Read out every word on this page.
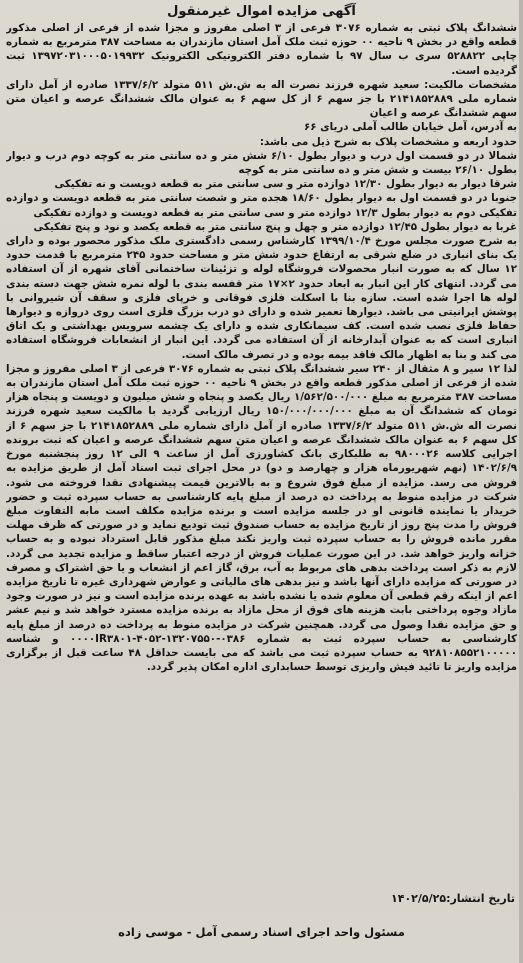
آگهی مزایده اموال غیرمنقول

ششدانگ پلاک ثبتی به شماره ۳۰۷۶ فرعی از ۳ اصلی مفروز و مجزا شده از فرعی از اصلی مذکور قطعه واقع در بخش ۹ ناحیه ۰۰ حوزه ثبت ملک آمل استان مازندران به مساحت ۳۸۷ مترمربع به شماره چاپی ۵۲۸۸۲۲ سری ب سال ۹۷ با شماره دفتر الکترونیکی الکترونیک ۱۳۹۷۲۰۳۱۰۰۰۵۰۱۹۹۳۲ ثبت گردیده است.

مشخصات مالکیت: سعید شهره فرزند نصرت اله به ش.ش ۵۱۱ متولد ۱۳۳۷/۶/۲ صادره از آمل دارای شماره ملی ۲۱۴۱۸۵۲۸۸۹ با جز سهم ۶ از کل سهم ۶ به عنوان مالک ششدانگ عرصه و اعیان متن سهم ششدانگ عرصه و اعیان

به آدرس، آمل خیابان طالب آملی دریای ۶۶

حدود اربعه و مشخصات پلاک به شرح ذیل می باشد:

شمالا در دو قسمت اول درب و دیوار بطول ۶/۱۰ شش متر و ده سانتی متر به کوچه دوم درب و دیوار بطول ۲۶/۱۰ بیست و شش متر و ده سانتی متر به کوچه

شرقا دیوار به دیوار بطول ۱۲/۳۰ دوازده متر و سی سانتی متر به قطعه دویست و نه تفکیکی

جنوبا در دو قسمت اول به دیوار بطول ۱۸/۶۰ هجده متر و شصت سانتی متر به قطعه دویست و دوازده تفکیکی دوم به دیوار بطول ۱۲/۳ دوازده متر و سی سانتی متر به قطعه دویست و دوازده تفکیکی

غربا به دیوار بطول ۱۲/۴۵ دوازده متر و چهل و پنج سانتی متر به قطعه یکصد و نود و پنج تفکیکی

به شرح صورت مجلس مورخ ۱۳۹۹/۱۰/۴ کارشناس رسمی دادگستری ملک مذکور محصور بوده و دارای یک بنای انباری در ضلع شرقی به ارتفاع حدود شش متر و مساحت حدود ۲۴۵ مترمربع با قدمت حدود ۱۲ سال که به صورت انبار محصولات فروشگاه لوله و تزئینات ساختمانی آقای شهره از آن استفاده می گردد. انتهای کار این انبار به ابعاد حدود ۲×۱۷ متر قفسه بندی با لوله نمره شش جهت دسته بندی لوله ها اجرا شده است. سازه بنا با اسکلت فلزی فوقانی و خرپای فلزی و سقف آن شیروانی با پوشش ایرانیتی می باشد. دیوارها تعمیر شده و دارای دو درب بزرگ فلزی است روی دروازه و دیوارها حفاظ فلزی نصب شده است. کف سیمانکاری شده و دارای یک چشمه سرویس بهداشتی و یک اتاق انباری است که به عنوان آبدارخانه از آن استفاده می گردد. این انبار از انشعابات فروشگاه استفاده می کند و بنا به اظهار مالک فاقد بیمه بوده و در تصرف مالک است.

لذا ۱۲ سیر و ۸ مثقال از ۲۴۰ سیر ششدانگ پلاک ثبتی به شماره ۳۰۷۶ فرعی از ۳ اصلی مفروز و مجزا شده از فرعی از اصلی مذکور قطعه واقع در بخش ۹ ناحیه ۰۰ حوزه ثبت ملک آمل استان مازندران به مساحت ۳۸۷ مترمربع به مبلغ ۱/۵۶۲/۵۰۰/۰۰۰ ریال یکصد و پنجاه و شش میلیون و دویست و پنجاه هزار تومان که ششدانگ آن به مبلغ ۱۵۰/۰۰۰/۰۰۰/۰۰۰ ریال ارزیابی گردید با مالکیت سعید شهره فرزند نصرت اله ش.ش ۵۱۱ متولد ۱۳۳۷/۶/۲ صادره از آمل دارای شماره ملی ۲۱۴۱۸۵۲۸۸۹ با جز سهم ۶ از کل سهم ۶ به عنوان مالک ششدانگ عرصه و اعیان متن سهم ششدانگ عرصه و اعیان که ثبت برونده اجرایی کلاسه ۹۸۰۰۰۲۶ به طلبکاری بانک کشاورزی آمل از ساعت ۹ الی ۱۲ روز پنجشنبه مورخ ۱۴۰۲/۶/۹ (نهم شهریورماه هزار و چهارصد و دو) در محل اجرای ثبت اسناد آمل از طریق مزایده به فروش می رسد. مزایده از مبلغ فوق شروع و به بالاترین قیمت پیشنهادی نقدا فروخته می شود. شرکت در مزایده منوط به پرداخت ده درصد از مبلغ پایه کارشناسی به حساب سپرده ثبت و حضور خریدار یا نماینده قانونی او در جلسه مزایده است و برنده مزایده مکلف است مابه التفاوت مبلغ فروش را مدت پنج روز از تاریخ مزایده به حساب صندوق ثبت تودیع نماید و در صورتی که ظرف مهلت مقرر مانده فروش را به حساب سپرده ثبت واریز نکند مبلغ مذکور قابل استرداد نبوده و به حساب خزانه واریز خواهد شد. در این صورت عملیات فروش از درجه اعتبار ساقط و مزایده تجدید می گردد. لازم به ذکر است پرداخت بدهی های مربوط به آب، برق، گاز اعم از انشعاب و یا حق اشتراک و مصرف در صورتی که مزایده دارای آنها باشد و نیز بدهی های مالیاتی و عوارض شهرداری غیره تا تاریخ مزایده اعم از اینکه رقم قطعی آن معلوم شده یا نشده باشد به عهده برنده مزایده است و نیز در صورت وجود مازاد وجوه پرداختی بابت هزینه های فوق از محل مازاد به برنده مزایده مسترد خواهد شد و نیم عشر و حق مزایده نقدا وصول می گردد. همچنین شرکت در مزایده منوط به پرداخت ده درصد از مبلغ پایه کارشناسی به حساب سپرده ثبت به شماره ۰۳۸۶-۱۳۲۰۷۵۵۰-۴۰۵۲-۰۰۰۰IR۳۸۰۱ و شناسه ۹۲۸۱۰۸۵۵۲۱۰۰۰۰۰ به حساب سپرده ثبت می باشد که می بایست حداقل ۴۸ ساعت قبل از برگزاری مزایده واریز تا تائید فیش واریزی توسط حسابداری اداره امکان پذیر گردد.

تاریخ انتشار:۱۴۰۲/۵/۲۵
مسئول واحد اجرای اسناد رسمی آمل - موسی زاده
